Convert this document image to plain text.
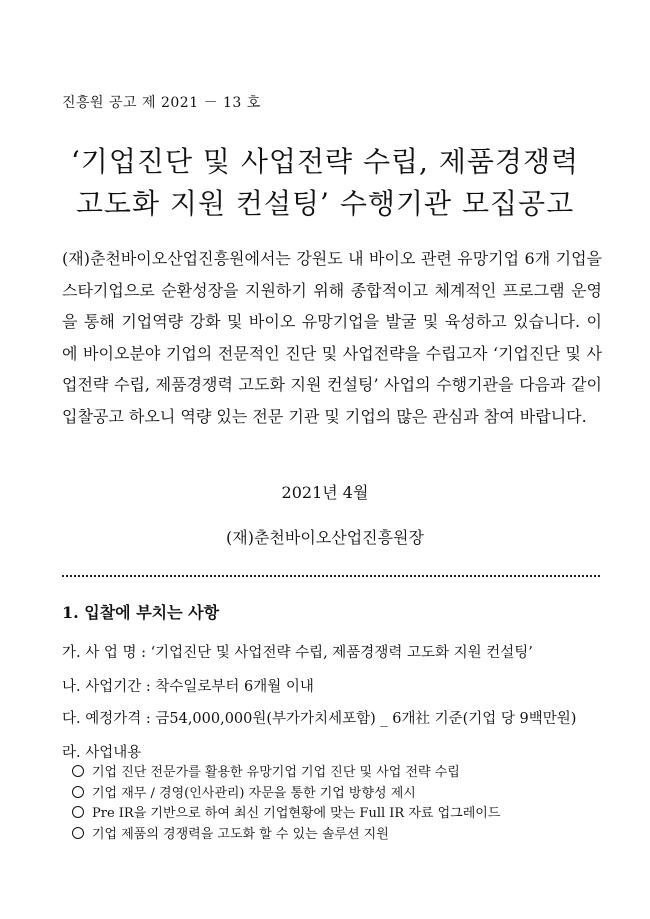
진흥원 공고 제 2021 － 13 호
‘기업진단 및 사업전략 수립, 제품경쟁력
고도화 지원 컨설팅’ 수행기관 모집공고

(재)춘천바이오산업진흥원에서는 강원도 내 바이오 관련 유망기업 6개 기업을 스타기업으로 순환성장을 지원하기 위해 종합적이고 체계적인 프로그램 운영을 통해 기업역량 강화 및 바이오 유망기업을 발굴 및 육성하고 있습니다. 이에 바이오분야 기업의 전문적인 진단 및 사업전략을 수립고자 ‘기업진단 및 사업전략 수립, 제품경쟁력 고도화 지원 컨설팅’ 사업의 수행기관을 다음과 같이 입찰공고 하오니 역량 있는 전문 기관 및 기업의 많은 관심과 참여 바랍니다.

2021년 4월
(재)춘천바이오산업진흥원장
1. 입찰에 부치는 사항
가. 사 업 명 : ‘기업진단 및 사업전략 수립, 제품경쟁력 고도화 지원 컨설팅’
나. 사업기간 : 착수일로부터 6개월 이내
다. 예정가격 : 금54,000,000원(부가가치세포함) _ 6개社 기준(기업 당 9백만원)
라. 사업내용
기업 진단 전문가를 활용한 유망기업 기업 진단 및 사업 전략 수립
기업 재무 / 경영(인사관리) 자문을 통한 기업 방향성 제시
Pre IR을 기반으로 하여 최신 기업현황에 맞는 Full IR 자료 업그레이드
기업 제품의 경쟁력을 고도화 할 수 있는 솔루션 지원
